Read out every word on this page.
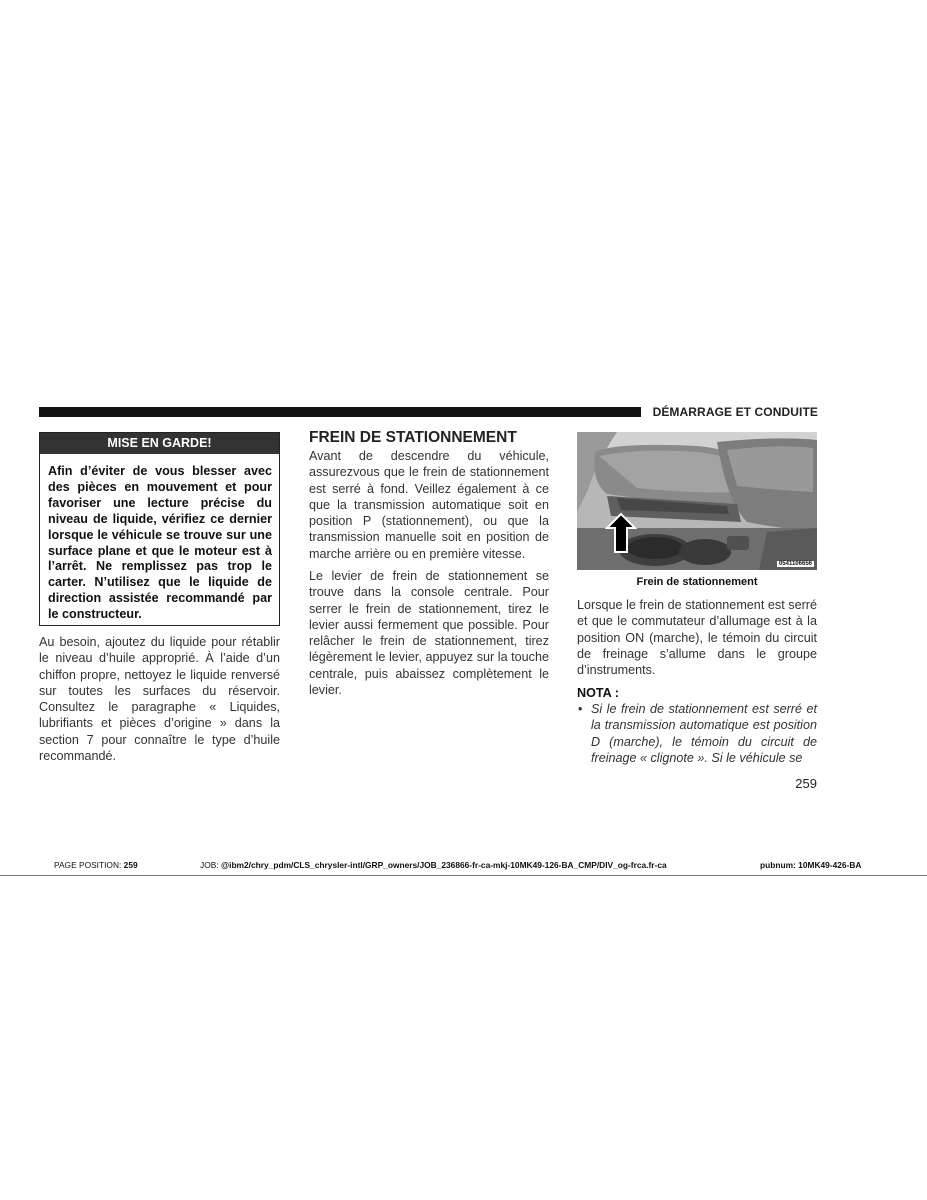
DÉMARRAGE ET CONDUITE
MISE EN GARDE!
Afin d’éviter de vous blesser avec des pièces en mouvement et pour favoriser une lecture précise du niveau de liquide, vérifiez ce dernier lorsque le véhicule se trouve sur une surface plane et que le moteur est à l’arrêt. Ne remplissez pas trop le carter. N’utilisez que le liquide de direction assistée recommandé par le constructeur.
Au besoin, ajoutez du liquide pour rétablir le niveau d’huile approprié. À l’aide d’un chiffon propre, nettoyez le liquide renversé sur toutes les surfaces du réservoir. Consultez le paragraphe « Liquides, lubrifiants et pièces d’origine » dans la section 7 pour connaître le type d’huile recommandé.
FREIN DE STATIONNEMENT
Avant de descendre du véhicule, assurezvous que le frein de stationnement est serré à fond. Veillez également à ce que la transmission automatique soit en position P (stationnement), ou que la transmission manuelle soit en position de marche arrière ou en première vitesse.
Le levier de frein de stationnement se trouve dans la console centrale. Pour serrer le frein de stationnement, tirez le levier aussi fermement que possible. Pour relâcher le frein de stationnement, tirez légèrement le levier, appuyez sur la touche centrale, puis abaissez complètement le levier.
0541106656
Frein de stationnement
Lorsque le frein de stationnement est serré et que le commutateur d’allumage est à la position ON (marche), le témoin du circuit de freinage s’allume dans le groupe d’instruments.
NOTA :
• Si le frein de stationnement est serré et la transmission automatique est position D (marche), le témoin du circuit de freinage « clignote ». Si le véhicule se
259
PAGE POSITION: 259	JOB: @ibm2/chry_pdm/CLS_chrysler-intl/GRP_owners/JOB_236866-fr-ca-mkj-10MK49-126-BA_CMP/DIV_og-frca.fr-ca	pubnum: 10MK49-426-BA
